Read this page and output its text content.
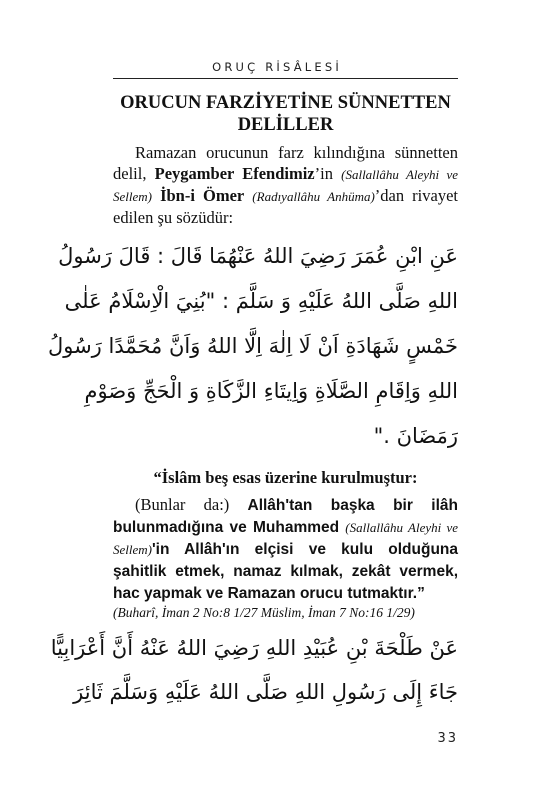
ORUÇ RİSÂLESİ
ORUCUN FARZİYETİNE SÜNNETTEN DELİLLER

Ramazan orucunun farz kılındığına sünnetten delil, Peygamber Efendimiz’in (Sallallâhu Aleyhi ve Sellem) İbn-i Ömer (Radıyallâhu Anhüma)’dan rivayet edilen şu sözüdür:

عَنِ ابْنِ عُمَرَ رَضِيَ اللهُ عَنْهُمَا قَالَ : قَالَ رَسُولُ
اللهِ صَلَّى اللهُ عَلَيْهِ وَ سَلَّمَ : "بُنِيَ الْاِسْلَامُ عَلٰى
خَمْسٍ شَهَادَةِ اَنْ لَا اِلٰهَ اِلَّا اللهُ وَاَنَّ مُحَمَّدًا رَسُولُ
اللهِ وَاِقَامِ الصَّلَاةِ وَاِيتَاءِ الزَّكَاةِ وَ الْحَجِّ وَصَوْمِ
رَمَضَانَ ."

“İslâm beş esas üzerine kurulmuştur:

(Bunlar da:) Allâh'tan başka bir ilâh bulunmadığına ve Muhammed (Sallallâhu Aleyhi ve Sellem)'in Allâh'ın elçisi ve kulu olduğuna şahitlik etmek, namaz kılmak, zekât vermek, hac yapmak ve Ramazan orucu tutmaktır.”

(Buharî, İman 2 No:8 1/27 Müslim, İman 7 No:16 1/29)

عَنْ طَلْحَةَ بْنِ عُبَيْدِ اللهِ رَضِيَ اللهُ عَنْهُ أَنَّ أَعْرَابِيًّا
جَاءَ إِلَى رَسُولِ اللهِ صَلَّى اللهُ عَلَيْهِ وَسَلَّمَ ثَائِرَ
33
